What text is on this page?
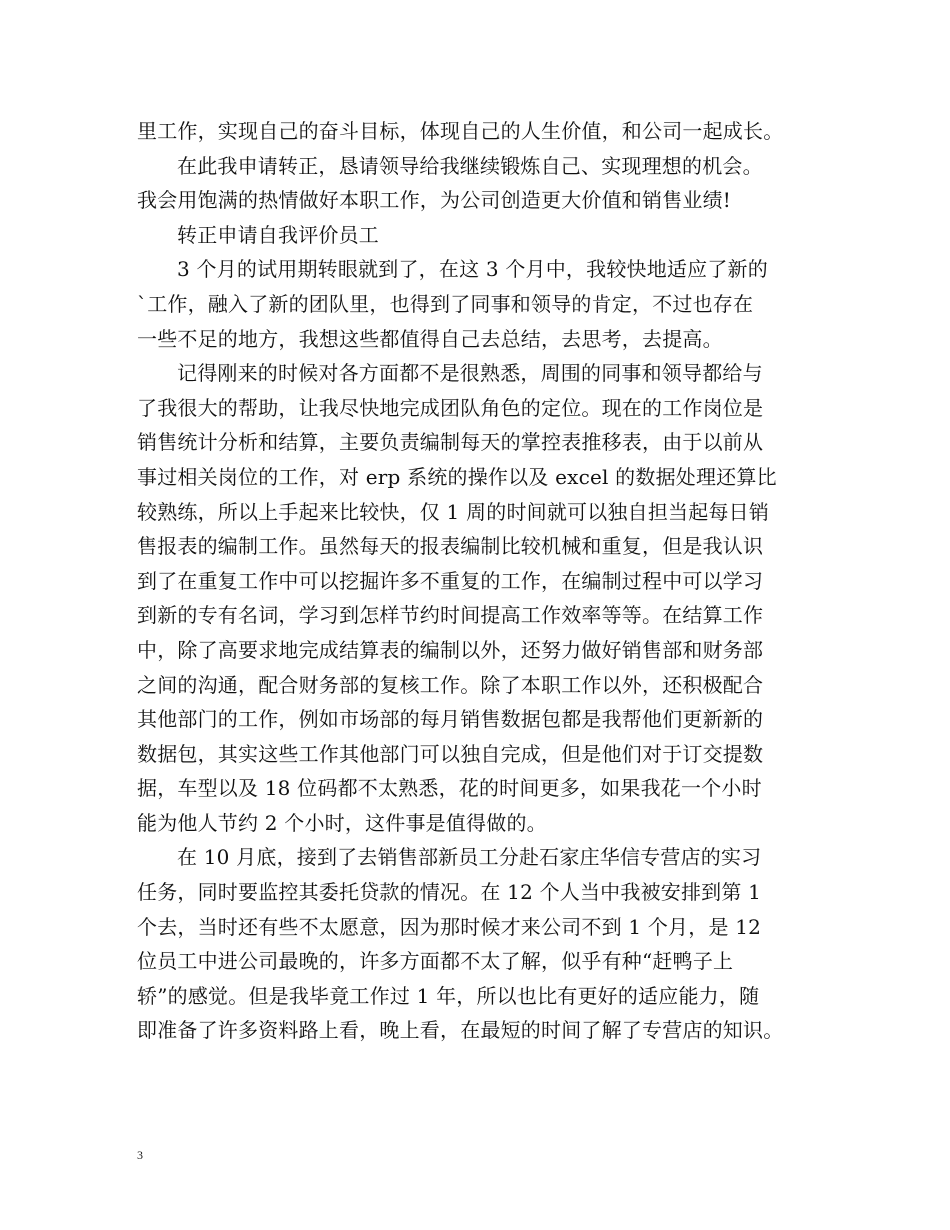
里工作，实现自己的奋斗目标，体现自己的人生价值，和公司一起成长。
在此我申请转正，恳请领导给我继续锻炼自己、实现理想的机会。
我会用饱满的热情做好本职工作，为公司创造更大价值和销售业绩!
转正申请自我评价员工
3 个月的试用期转眼就到了，在这 3 个月中，我较快地适应了新的
`工作，融入了新的团队里，也得到了同事和领导的肯定，不过也存在
一些不足的地方，我想这些都值得自己去总结，去思考，去提高。
记得刚来的时候对各方面都不是很熟悉，周围的同事和领导都给与
了我很大的帮助，让我尽快地完成团队角色的定位。现在的工作岗位是
销售统计分析和结算，主要负责编制每天的掌控表推移表，由于以前从
事过相关岗位的工作，对 erp 系统的操作以及 excel 的数据处理还算比
较熟练，所以上手起来比较快，仅 1 周的时间就可以独自担当起每日销
售报表的编制工作。虽然每天的报表编制比较机械和重复，但是我认识
到了在重复工作中可以挖掘许多不重复的工作，在编制过程中可以学习
到新的专有名词，学习到怎样节约时间提高工作效率等等。在结算工作
中，除了高要求地完成结算表的编制以外，还努力做好销售部和财务部
之间的沟通，配合财务部的复核工作。除了本职工作以外，还积极配合
其他部门的工作，例如市场部的每月销售数据包都是我帮他们更新新的
数据包，其实这些工作其他部门可以独自完成，但是他们对于订交提数
据，车型以及 18 位码都不太熟悉，花的时间更多，如果我花一个小时
能为他人节约 2 个小时，这件事是值得做的。
在 10 月底，接到了去销售部新员工分赴石家庄华信专营店的实习
任务，同时要监控其委托贷款的情况。在 12 个人当中我被安排到第 1
个去，当时还有些不太愿意，因为那时候才来公司不到 1 个月，是 12
位员工中进公司最晚的，许多方面都不太了解，似乎有种“赶鸭子上
轿”的感觉。但是我毕竟工作过 1 年，所以也比有更好的适应能力，随
即准备了许多资料路上看，晚上看，在最短的时间了解了专营店的知识。
3
